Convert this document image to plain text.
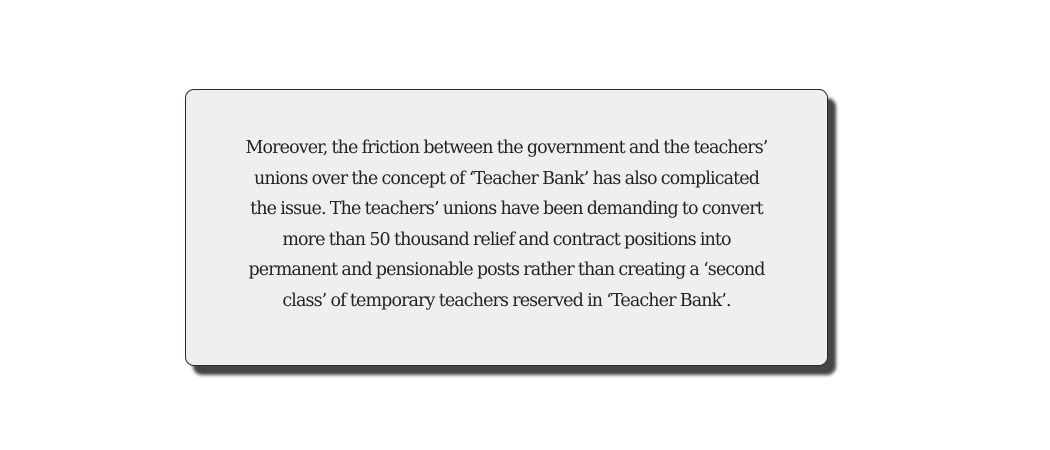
Moreover, the friction between the government and the teachers’
unions over the concept of ‘Teacher Bank’ has also complicated
the issue. The teachers’ unions have been demanding to convert
more than 50 thousand relief and contract positions into
permanent and pensionable posts rather than creating a ‘second
class’ of temporary teachers reserved in ‘Teacher Bank’.
